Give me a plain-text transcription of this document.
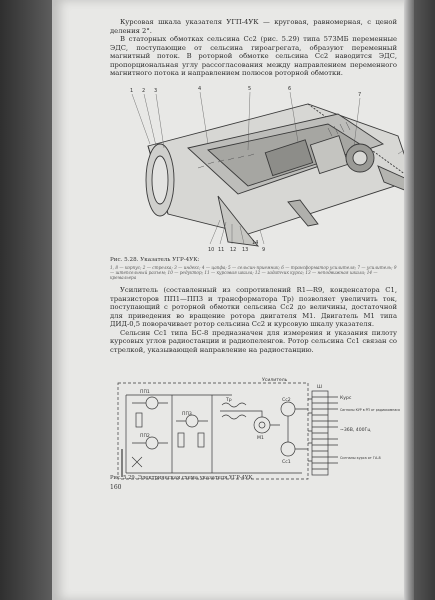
Курсовая шкала указателя УГП-4УК — круговая, равномерная, с ценой деления 2°.
В статорных обмотках сельсина Сс2 (рис. 5.29) типа 573МБ переменные ЭДС, поступающие от сельсина гироагрегата, образуют переменный магнитный поток. В роторной обмотке сельсина Сс2 наводится ЭДС, пропорциональная углу рассогласования между направлением переменного магнитного потока и направлением полюсов роторной обмотки.
1 2 3	4	5	6
7
9
10 11 12 13
14
Рис. 5.28. Указатель УГР-4УК:
1, 8 — корпус; 2 — стрелка; 3 — индекс; 4 — цапфа; 5 — сельсин-приемник; 6 — трансформатор усилителя; 7 — усилитель; 9 — штепсельный разъем; 10 — редуктор; 11 — курсовая шкала; 12 — задатчик курса; 13 — неподвижная шкала; 14 — кремальера
Усилитель (составленный из сопротивлений R1—R9, конденсатора С1, транзисторов ПП1—ПП3 и трансформатора Тр) позволяет увеличить ток, поступающий с роторной обмотки сельсина Сс2 до величины, достаточной для приведения во вращение ротора двигателя М1. Двигатель М1 типа ДИД-0,5 поворачивает ротор сельсина Сс2 и курсовую шкалу указателя.
Сельсин Сс1 типа БС-8 предназначен для измерения и указания пилоту курсовых углов радиостанции и радиопеленгов. Ротор сельсина Сс1 связан со стрелкой, указывающей направление на радиостанцию.
Усилитель
ПП1
ПП2
ПП3
Тр
М1
Сс2
Сс1
Ш
Курс
Сигналы КУР в РП от радиокомпаса
~36В, 400Гц
Сигналы курса от ГА-8
Рис. 5.29. Электрическая схема указателя УГР-4УК
160
